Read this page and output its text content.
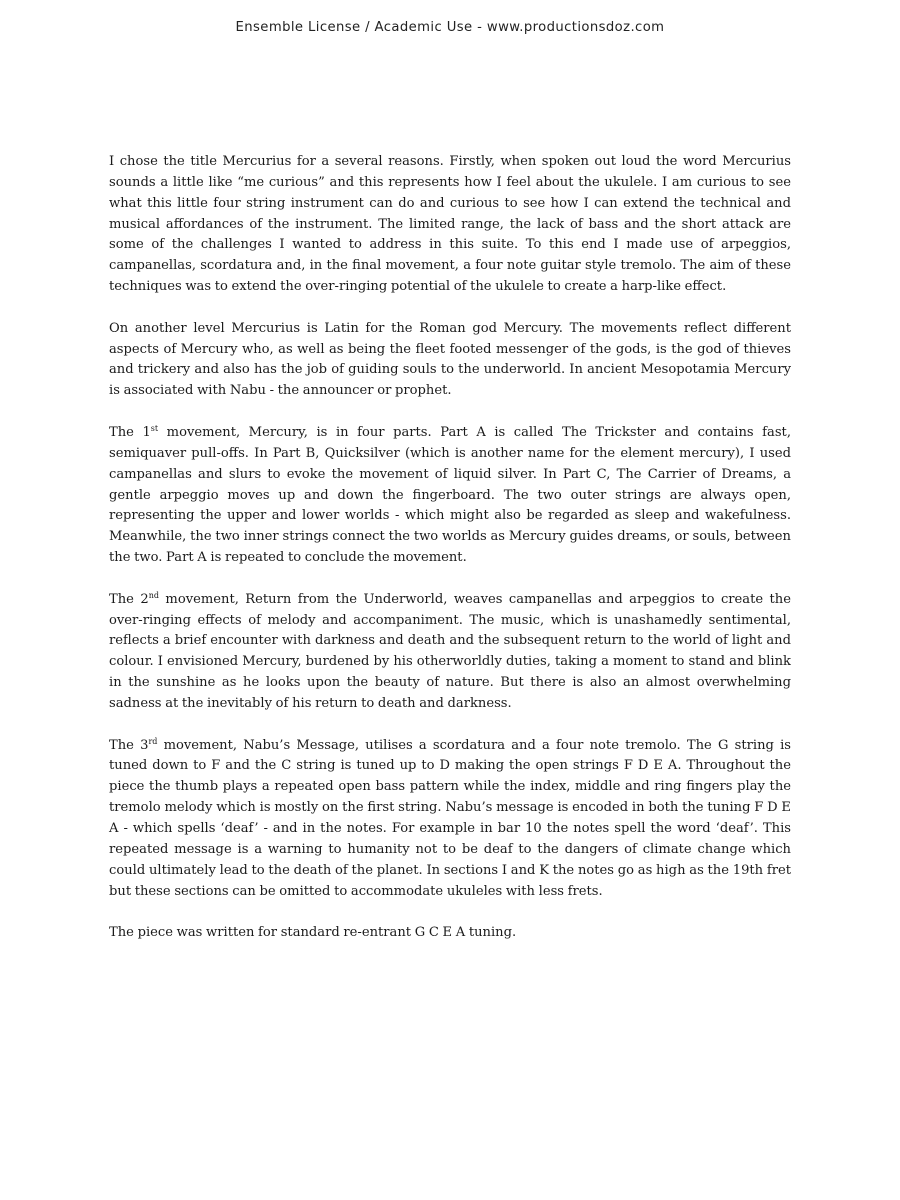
Ensemble License / Academic Use - www.productionsdoz.com

I chose the title Mercurius for a several reasons. Firstly, when spoken out loud the word Mercurius sounds a little like “me curious” and this represents how I feel about the ukulele. I am curious to see what this little four string instrument can do and curious to see how I can extend the technical and musical affordances of the instrument. The limited range, the lack of bass and the short attack are some of the challenges I wanted to address in this suite. To this end I made use of arpeggios, campanellas, scordatura and, in the final movement, a four note guitar style tremolo. The aim of these techniques was to extend the over-ringing potential of the ukulele to create a harp-like effect.

On another level Mercurius is Latin for the Roman god Mercury. The movements reflect different aspects of Mercury who, as well as being the fleet footed messenger of the gods, is the god of thieves and trickery and also has the job of guiding souls to the underworld. In ancient Mesopotamia Mercury is associated with Nabu - the announcer or prophet.

The 1st movement, Mercury, is in four parts. Part A is called The Trickster and contains fast, semiquaver pull-offs. In Part B, Quicksilver (which is another name for the element mercury), I used campanellas and slurs to evoke the movement of liquid silver. In Part C, The Carrier of Dreams, a gentle arpeggio moves up and down the fingerboard. The two outer strings are always open, representing the upper and lower worlds - which might also be regarded as sleep and wakefulness. Meanwhile, the two inner strings connect the two worlds as Mercury guides dreams, or souls, between the two. Part A is repeated to conclude the movement.

The 2nd movement, Return from the Underworld, weaves campanellas and arpeggios to create the over-ringing effects of melody and accompaniment. The music, which is unashamedly sentimental, reflects a brief encounter with darkness and death and the subsequent return to the world of light and colour. I envisioned Mercury, burdened by his otherworldly duties, taking a moment to stand and blink in the sunshine as he looks upon the beauty of nature. But there is also an almost overwhelming sadness at the inevitably of his return to death and darkness.

The 3rd movement, Nabu’s Message, utilises a scordatura and a four note tremolo. The G string is tuned down to F and the C string is tuned up to D making the open strings F D E A. Throughout the piece the thumb plays a repeated open bass pattern while the index, middle and ring fingers play the tremolo melody which is mostly on the first string. Nabu’s message is encoded in both the tuning F D E A - which spells ‘deaf’ - and in the notes. For example in bar 10 the notes spell the word ‘deaf’. This repeated message is a warning to humanity not to be deaf to the dangers of climate change which could ultimately lead to the death of the planet. In sections I and K the notes go as high as the 19th fret but these sections can be omitted to accommodate ukuleles with less frets.

The piece was written for standard re-entrant G C E A tuning.
